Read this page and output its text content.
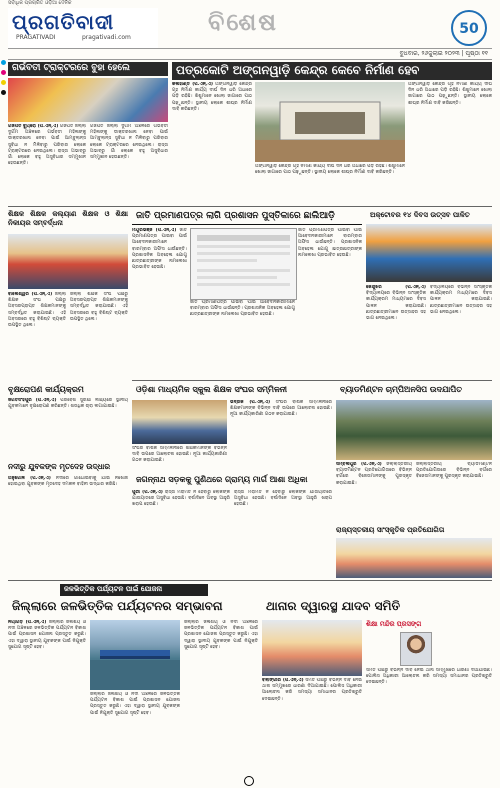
ସର୍ବାଧିକ ପ୍ରଚାରିତ ଓଡ଼ିଆ ଦୈନିକ
ପ୍ରଗତିବାଦୀ
PRAGATIVADI	pragativadi.com
ବିଶେଷ	50
ବୁଧବାର, ୨୬ଜୁଲାଇ ୨୦୨୩ | ପୃଷ୍ଠା ୧୧
ଗର୍ଭବତୀ ଟ୍ରାକ୍ଟରରେ ବୁହା ହେଲେ
ଗଜପତି ବ୍ୟୁରୋ (ପି.ଏନ୍.ଏ) ଗଜପତି ଜିଲ୍ଲା ଦୁର୍ଗମ ଅଞ୍ଚଳରେ ଗର୍ଭବତୀ ମହିଳାଙ୍କୁ ଡାକ୍ତରଖାନା ନେବା ପାଇଁ ଆମ୍ବୁଲାନ୍ସ ସୁବିଧା ନ ମିଳିବାରୁ ପରିବାର ଲୋକେ ଟ୍ରାକ୍ଟରରେ ନେଇଥିଲେ। ରାସ୍ତା ଅଭାବରୁ ଗାଁ ଲୋକେ ବହୁ ଅସୁବିଧାର ସମ୍ମୁଖୀନ ହେଉଛନ୍ତି।
ଗଜପତି ଜିଲ୍ଲା ଦୁର୍ଗମ ଅଞ୍ଚଳରେ ଗର୍ଭବତୀ ମହିଳାଙ୍କୁ ଡାକ୍ତରଖାନା ନେବା ପାଇଁ ଆମ୍ବୁଲାନ୍ସ ସୁବିଧା ନ ମିଳିବାରୁ ପରିବାର ଲୋକେ ଟ୍ରାକ୍ଟରରେ ନେଇଥିଲେ। ରାସ୍ତା ଅଭାବରୁ ଗାଁ ଲୋକେ ବହୁ ଅସୁବିଧାର ସମ୍ମୁଖୀନ ହେଉଛନ୍ତି।
ପତ୍ରକୋଟି ଅଙ୍ଗନୱାଡ଼ି କେନ୍ଦ୍ର କେବେ ନିର୍ମାଣ ହେବ
କଳାହାଣ୍ଡି (ପି.ଏନ୍.ଏ) ଅଙ୍ଗନୱାଡ଼ି କେନ୍ଦ୍ର ଗୃହ ନିର୍ମାଣ କାର୍ଯ୍ୟ ଦୀର୍ଘ ଦିନ ଧରି ଅଧାରେ ପଡ଼ି ରହିଛି। ଶିଶୁମାନେ ଖୋଲା ଜାଗାରେ ପାଠ ପଢ଼ୁଛନ୍ତି। ସ୍ଥାନୀୟ ଲୋକେ ଶୀଘ୍ର ନିର୍ମାଣ ଦାବି କରିଛନ୍ତି।
ଅଙ୍ଗନୱାଡ଼ି କେନ୍ଦ୍ର ଗୃହ ନିର୍ମାଣ କାର୍ଯ୍ୟ ଦୀର୍ଘ ଦିନ ଧରି ଅଧାରେ ପଡ଼ି ରହିଛି। ଶିଶୁମାନେ ଖୋଲା ଜାଗାରେ ପାଠ ପଢ଼ୁଛନ୍ତି। ସ୍ଥାନୀୟ ଲୋକେ ଶୀଘ୍ର ନିର୍ମାଣ ଦାବି କରିଛନ୍ତି।
ଅଙ୍ଗନୱାଡ଼ି କେନ୍ଦ୍ର ଗୃହ ନିର୍ମାଣ କାର୍ଯ୍ୟ ଦୀର୍ଘ ଦିନ ଧରି ଅଧାରେ ପଡ଼ି ରହିଛି। ଶିଶୁମାନେ ଖୋଲା ଜାଗାରେ ପାଠ ପଢ଼ୁଛନ୍ତି। ସ୍ଥାନୀୟ ଲୋକେ ଶୀଘ୍ର ନିର୍ମାଣ ଦାବି କରିଛନ୍ତି।
ଶିକ୍ଷକ ଶିକ୍ଷକ କଲ୍ୟାଣ ଶିକ୍ଷକ ଓ ଶିକ୍ଷା ନିକାୟର ସମ୍ବର୍ଦ୍ଧନା
ବାଲେଶ୍ୱର (ପି.ଏନ୍.ଏ) ଜିଲ୍ଲା ଶିକ୍ଷକ ସଂଘ ପକ୍ଷରୁ ଅବସରପ୍ରାପ୍ତ ଶିକ୍ଷକମାନଙ୍କୁ ସମ୍ବର୍ଦ୍ଧିତ କରାଯାଇଛି। ଏହି ଅବସରରେ ବହୁ ବିଶିଷ୍ଟ ବ୍ୟକ୍ତି ଉପସ୍ଥିତ ଥିଲେ।
ଜିଲ୍ଲା ଶିକ୍ଷକ ସଂଘ ପକ୍ଷରୁ ଅବସରପ୍ରାପ୍ତ ଶିକ୍ଷକମାନଙ୍କୁ ସମ୍ବର୍ଦ୍ଧିତ କରାଯାଇଛି। ଏହି ଅବସରରେ ବହୁ ବିଶିଷ୍ଟ ବ୍ୟକ୍ତି ଉପସ୍ଥିତ ଥିଲେ।
ଜାତି ପ୍ରମାଣପତ୍ର ଲାଗି ପ୍ରଶାସନ ପୁସ୍ତିକାରେ ଛାଲିଆଡ଼ି
ମୟୂରଭଞ୍ଜ (ପି.ଏନ୍.ଏ) ଜାତି ପ୍ରମାଣପତ୍ର ପାଇବା ପାଇଁ ଆବେଦନକାରୀମାନେ ବାରମ୍ବାର ଅଫିସ ଧାଉଁଛନ୍ତି। ପ୍ରଶାସନିକ ଅବହେଳା ଯୋଗୁ ଛାତ୍ରଛାତ୍ରୀଙ୍କ ନାମଲେଖା ପ୍ରଭାବିତ ହେଉଛି।
ଜାତି ପ୍ରମାଣପତ୍ର ପାଇବା ପାଇଁ ଆବେଦନକାରୀମାନେ ବାରମ୍ବାର ଅଫିସ ଧାଉଁଛନ୍ତି। ପ୍ରଶାସନିକ ଅବହେଳା ଯୋଗୁ ଛାତ୍ରଛାତ୍ରୀଙ୍କ ନାମଲେଖା ପ୍ରଭାବିତ ହେଉଛି।
ଜାତି ପ୍ରମାଣପତ୍ର ପାଇବା ପାଇଁ ଆବେଦନକାରୀମାନେ ବାରମ୍ବାର ଅଫିସ ଧାଉଁଛନ୍ତି। ପ୍ରଶାସନିକ ଅବହେଳା ଯୋଗୁ ଛାତ୍ରଛାତ୍ରୀଙ୍କ ନାମଲେଖା ପ୍ରଭାବିତ ହେଉଛି।
ଅକ୍ଟୋବର ୧୪ ଦିବସ ଉତ୍ସବ ପାଳିତ
କେନ୍ଦୁଝର (ପି.ଏନ୍.ଏ) ବିଦ୍ୟାଳୟରେ ବିଭିନ୍ନ ସାଂସ୍କୃତିକ କାର୍ଯ୍ୟକ୍ରମ ମାଧ୍ୟମରେ ଦିବସ ପାଳନ କରାଯାଇଛି। ଛାତ୍ରଛାତ୍ରୀମାନେ ଉତ୍ସାହର ସହ ଭାଗ ନେଇଥିଲେ।
ବିଦ୍ୟାଳୟରେ ବିଭିନ୍ନ ସାଂସ୍କୃତିକ କାର୍ଯ୍ୟକ୍ରମ ମାଧ୍ୟମରେ ଦିବସ ପାଳନ କରାଯାଇଛି। ଛାତ୍ରଛାତ୍ରୀମାନେ ଉତ୍ସାହର ସହ ଭାଗ ନେଇଥିଲେ।
ବୃକ୍ଷରୋପଣ କାର୍ଯ୍ୟକ୍ରମ
ଜଗତସିଂହପୁର (ପି.ଏନ୍.ଏ) ପରିବେଶ ସୁରକ୍ଷା ଲକ୍ଷ୍ୟରେ ସ୍ଥାନୀୟ ଯୁବକମାନେ ବୃକ୍ଷରୋପଣ କରିଛନ୍ତି। ଶତାଧିକ ଚାରା ଲଗାଯାଇଛି।
ଓଡ଼ିଶା ମାଧ୍ୟମିକ ସ୍କୁଲ ଶିକ୍ଷକ ସଂଘର ସମ୍ମିଳନୀ
ଭଦ୍ରକ (ପି.ଏନ୍.ଏ) ସଂଘର ବାର୍ଷିକ ସମ୍ମିଳନୀରେ ଶିକ୍ଷକମାନଙ୍କ ବିଭିନ୍ନ ଦାବି ଉପରେ ଆଲୋଚନା ହୋଇଛି। ନୂଆ କାର୍ଯ୍ୟକାରିଣୀ ଗଠନ କରାଯାଇଛି।
ସଂଘର ବାର୍ଷିକ ସମ୍ମିଳନୀରେ ଶିକ୍ଷକମାନଙ୍କ ବିଭିନ୍ନ ଦାବି ଉପରେ ଆଲୋଚନା ହୋଇଛି। ନୂଆ କାର୍ଯ୍ୟକାରିଣୀ ଗଠନ କରାଯାଇଛି।
ବ୍ୟାଡମିଣ୍ଟନ ଚାମ୍ପିଅନସିପ ଉଦଯାପିତ
ସମ୍ବଲପୁର (ପି.ଏନ୍.ଏ) ଜିଲ୍ଲାସ୍ତରୀୟ ବ୍ୟାଡମିଣ୍ଟନ ପ୍ରତିଯୋଗିତାରେ ବିଭିନ୍ନ ବର୍ଗରେ ବିଜେତାମାନଙ୍କୁ ପୁରସ୍କୃତ କରାଯାଇଛି।
ଜିଲ୍ଲାସ୍ତରୀୟ ବ୍ୟାଡମିଣ୍ଟନ ପ୍ରତିଯୋଗିତାରେ ବିଭିନ୍ନ ବର୍ଗରେ ବିଜେତାମାନଙ୍କୁ ପୁରସ୍କୃତ କରାଯାଇଛି।
ଜଗନ୍ନାଥ ସଡ଼କକୁ ପୁଣିଥରେ ଗ୍ରାମ୍ୟ ମାର୍ଗ ଆଶା ଅଧିକା
ପୁରୀ (ପି.ଏନ୍.ଏ) ରାସ୍ତା ମରାମତି ନ ହେବାରୁ ଲୋକଙ୍କ ଯାତାୟାତରେ ଅସୁବିଧା ହେଉଛି। ବର୍ଷାଦିନେ ଅବସ୍ଥା ଆହୁରି ଖରାପ ହେଉଛି।
ରାସ୍ତା ମରାମତି ନ ହେବାରୁ ଲୋକଙ୍କ ଯାତାୟାତରେ ଅସୁବିଧା ହେଉଛି। ବର୍ଷାଦିନେ ଅବସ୍ଥା ଆହୁରି ଖରାପ ହେଉଛି।
ନଦୀରୁ ଯୁବକଙ୍କ ମୃତଦେହ ଉଦ୍ଧାର
ଅନୁଗୋଳ (ପି.ଏନ୍.ଏ) ନଦୀରେ ଗାଧୋଇବାକୁ ଯାଇ ନିଖୋଜ ହୋଇଥିବା ଯୁବକଙ୍କ ମୃତଦେହ ଦମକଳ ବାହିନୀ ଉଦ୍ଧାର କରିଛି।
ରାଜ୍ୟସ୍ତରୀୟ ସାଂସ୍କୃତିକ ପ୍ରତିଯୋଗିତା
ଜଳଭିତ୍ତିକ ପର୍ଯ୍ୟଟନ ପାଇଁ ଯୋଜନା
ଜିଲ୍ଲାରେ ଜଳଭିତ୍ତିକ ପର୍ଯ୍ୟଟନର ସମ୍ଭାବନା
ନୟାଗଡ଼ (ପି.ଏନ୍.ଏ) ଜିଲ୍ଲାର ଜଳାଶୟ ଓ ନଦୀ ଅଞ୍ଚଳରେ ଜଳଭିତ୍ତିକ ପର୍ଯ୍ୟଟନ ବିକାଶ ପାଇଁ ପ୍ରଶାସନ ଯୋଜନା ପ୍ରସ୍ତୁତ କରୁଛି। ଏହା ଦ୍ୱାରା ସ୍ଥାନୀୟ ଯୁବକଙ୍କ ପାଇଁ ନିଯୁକ୍ତି ସୁଯୋଗ ସୃଷ୍ଟି ହେବ।
ଜିଲ୍ଲାର ଜଳାଶୟ ଓ ନଦୀ ଅଞ୍ଚଳରେ ଜଳଭିତ୍ତିକ ପର୍ଯ୍ୟଟନ ବିକାଶ ପାଇଁ ପ୍ରଶାସନ ଯୋଜନା ପ୍ରସ୍ତୁତ କରୁଛି। ଏହା ଦ୍ୱାରା ସ୍ଥାନୀୟ ଯୁବକଙ୍କ ପାଇଁ ନିଯୁକ୍ତି ସୁଯୋଗ ସୃଷ୍ଟି ହେବ।
ଜିଲ୍ଲାର ଜଳାଶୟ ଓ ନଦୀ ଅଞ୍ଚଳରେ ଜଳଭିତ୍ତିକ ପର୍ଯ୍ୟଟନ ବିକାଶ ପାଇଁ ପ୍ରଶାସନ ଯୋଜନା ପ୍ରସ୍ତୁତ କରୁଛି। ଏହା ଦ୍ୱାରା ସ୍ଥାନୀୟ ଯୁବକଙ୍କ ପାଇଁ ନିଯୁକ୍ତି ସୁଯୋଗ ସୃଷ୍ଟି ହେବ।
ଥାନାର ଦ୍ୱାରସ୍ଥ ଯାଦବ ସମିତି
ଶିକ୍ଷା ମନ୍ଦିର ପ୍ରସଙ୍ଗ
ବଲାଙ୍ଗୀର (ପି.ଏନ୍.ଏ) ସମିତି ପକ୍ଷରୁ ବିଭିନ୍ନ ଦାବି ନେଇ ଥାନା ସମ୍ମୁଖରେ ଧାରଣା ଦିଆଯାଇଛି। ପୋଲିସ ଅଧିକାରୀ ଆଲୋଚନା କରି ସମସ୍ୟା ସମାଧାନର ପ୍ରତିଶ୍ରୁତି ଦେଇଛନ୍ତି।
ସମିତି ପକ୍ଷରୁ ବିଭିନ୍ନ ଦାବି ନେଇ ଥାନା ସମ୍ମୁଖରେ ଧାରଣା ଦିଆଯାଇଛି। ପୋଲିସ ଅଧିକାରୀ ଆଲୋଚନା କରି ସମସ୍ୟା ସମାଧାନର ପ୍ରତିଶ୍ରୁତି ଦେଇଛନ୍ତି।
